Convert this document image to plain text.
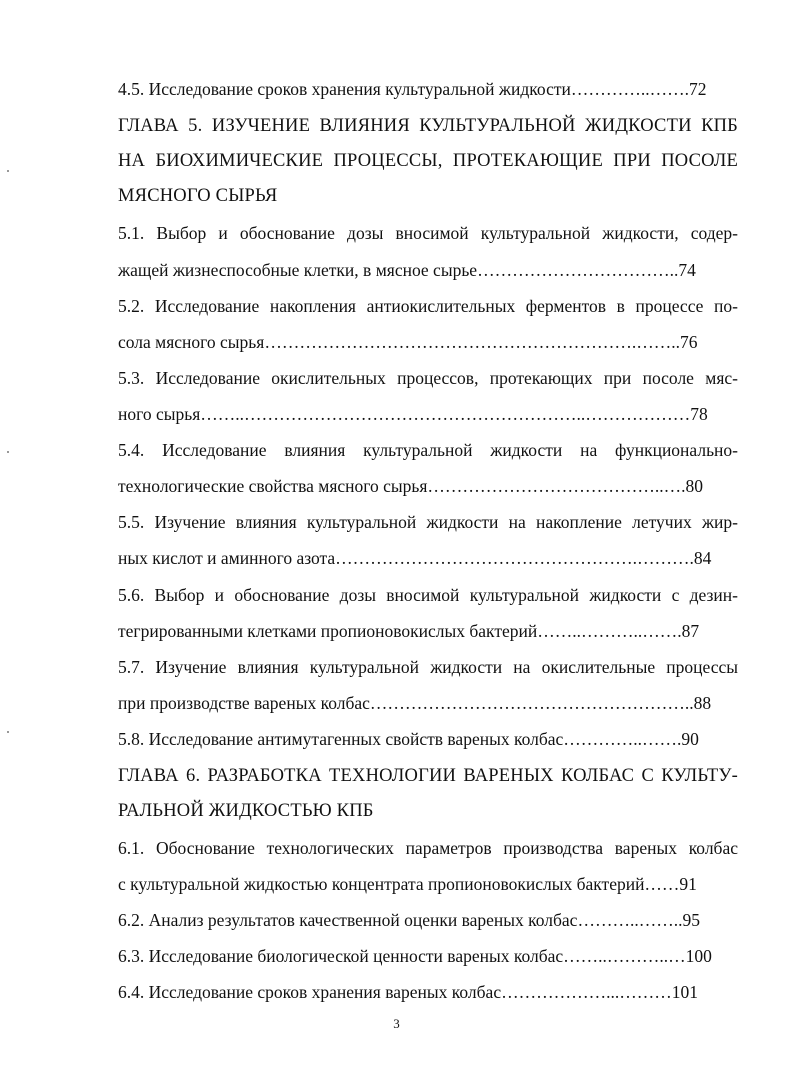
4.5. Исследование сроков хранения культуральной жидкости…………..…….72
ГЛАВА 5. ИЗУЧЕНИЕ ВЛИЯНИЯ КУЛЬТУРАЛЬНОЙ ЖИДКОСТИ КПБ
НА БИОХИМИЧЕСКИЕ ПРОЦЕССЫ, ПРОТЕКАЮЩИЕ ПРИ ПОСОЛЕ
МЯСНОГО СЫРЬЯ
5.1. Выбор и обоснование дозы вносимой культуральной жидкости, содер-
жащей жизнеспособные клетки, в мясное сырье……………………………..74
5.2. Исследование накопления антиокислительных ферментов в процессе по-
сола мясного сырья……………………………………………………….……..76
5.3. Исследование окислительных процессов, протекающих при посоле мяс-
ного сырья……..…………………………………………………..………………78
5.4. Исследование влияния культуральной жидкости на функционально-
технологические свойства мясного сырья…………………………………..….80
5.5. Изучение влияния культуральной жидкости на накопление летучих жир-
ных кислот и аминного азота…………………………………………….……….84
5.6. Выбор и обоснование дозы вносимой культуральной жидкости с дезин-
тегрированными клетками пропионовокислых бактерий……..………..…….87
5.7. Изучение влияния культуральной жидкости на окислительные процессы
при производстве вареных колбас………………………………………………..88
5.8. Исследование антимутагенных свойств вареных колбас…………..…….90
ГЛАВА 6. РАЗРАБОТКА ТЕХНОЛОГИИ ВАРЕНЫХ КОЛБАС С КУЛЬТУ-
РАЛЬНОЙ ЖИДКОСТЬЮ КПБ
6.1. Обоснование технологических параметров производства вареных колбас
с культуральной жидкостью концентрата пропионовокислых бактерий……91
6.2. Анализ результатов качественной оценки вареных колбас………..……..95
6.3. Исследование биологической ценности вареных колбас……..………..…100
6.4. Исследование сроков хранения вареных колбас………………...………101
3
